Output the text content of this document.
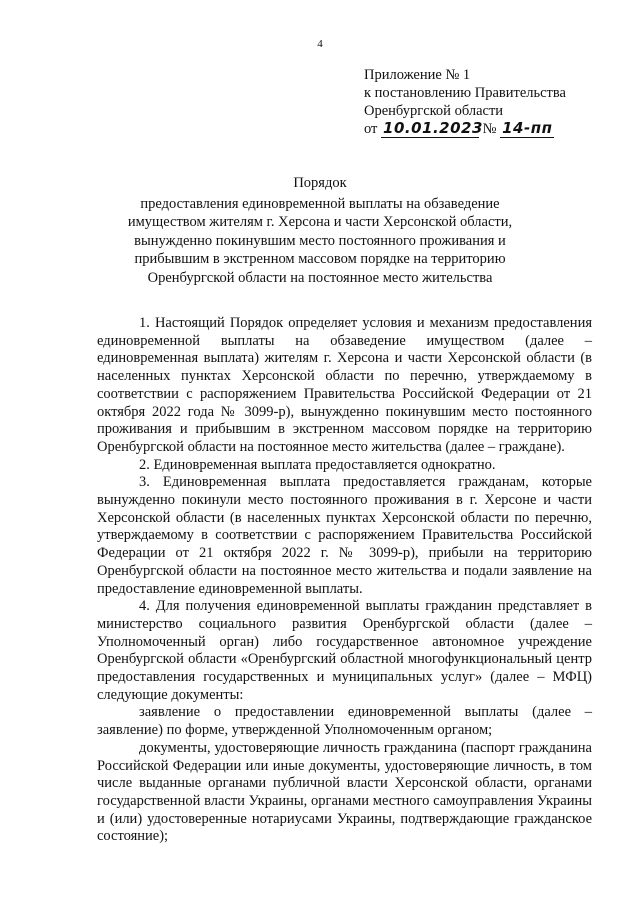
4
Приложение № 1
к постановлению Правительства
Оренбургской области
от 10.01.2023 № 14-пп
Порядок
предоставления единовременной выплаты на обзаведение
имуществом жителям г. Херсона и части Херсонской области,
вынужденно покинувшим место постоянного проживания и
прибывшим в экстренном массовом порядке на территорию
Оренбургской области на постоянное место жительства

1. Настоящий Порядок определяет условия и механизм предоставления единовременной выплаты на обзаведение имуществом (далее – единовременная выплата) жителям г. Херсона и части Херсонской области (в населенных пунктах Херсонской области по перечню, утверждаемому в соответствии с распоряжением Правительства Российской Федерации от 21 октября 2022 года № 3099-р), вынужденно покинувшим место постоянного проживания и прибывшим в экстренном массовом порядке на территорию Оренбургской области на постоянное место жительства (далее – граждане).

2. Единовременная выплата предоставляется однократно.

3. Единовременная выплата предоставляется гражданам, которые вынужденно покинули место постоянного проживания в г. Херсоне и части Херсонской области (в населенных пунктах Херсонской области по перечню, утверждаемому в соответствии с распоряжением Правительства Российской Федерации от 21 октября 2022 г. № 3099-р), прибыли на территорию Оренбургской области на постоянное место жительства и подали заявление на предоставление единовременной выплаты.

4. Для получения единовременной выплаты гражданин представляет в министерство социального развития Оренбургской области (далее – Уполномоченный орган) либо государственное автономное учреждение Оренбургской области «Оренбургский областной многофункциональный центр предоставления государственных и муниципальных услуг» (далее – МФЦ) следующие документы:

заявление о предоставлении единовременной выплаты (далее – заявление) по форме, утвержденной Уполномоченным органом;

документы, удостоверяющие личность гражданина (паспорт гражданина Российской Федерации или иные документы, удостоверяющие личность, в том числе выданные органами публичной власти Херсонской области, органами государственной власти Украины, органами местного самоуправления Украины и (или) удостоверенные нотариусами Украины, подтверждающие гражданское состояние);
